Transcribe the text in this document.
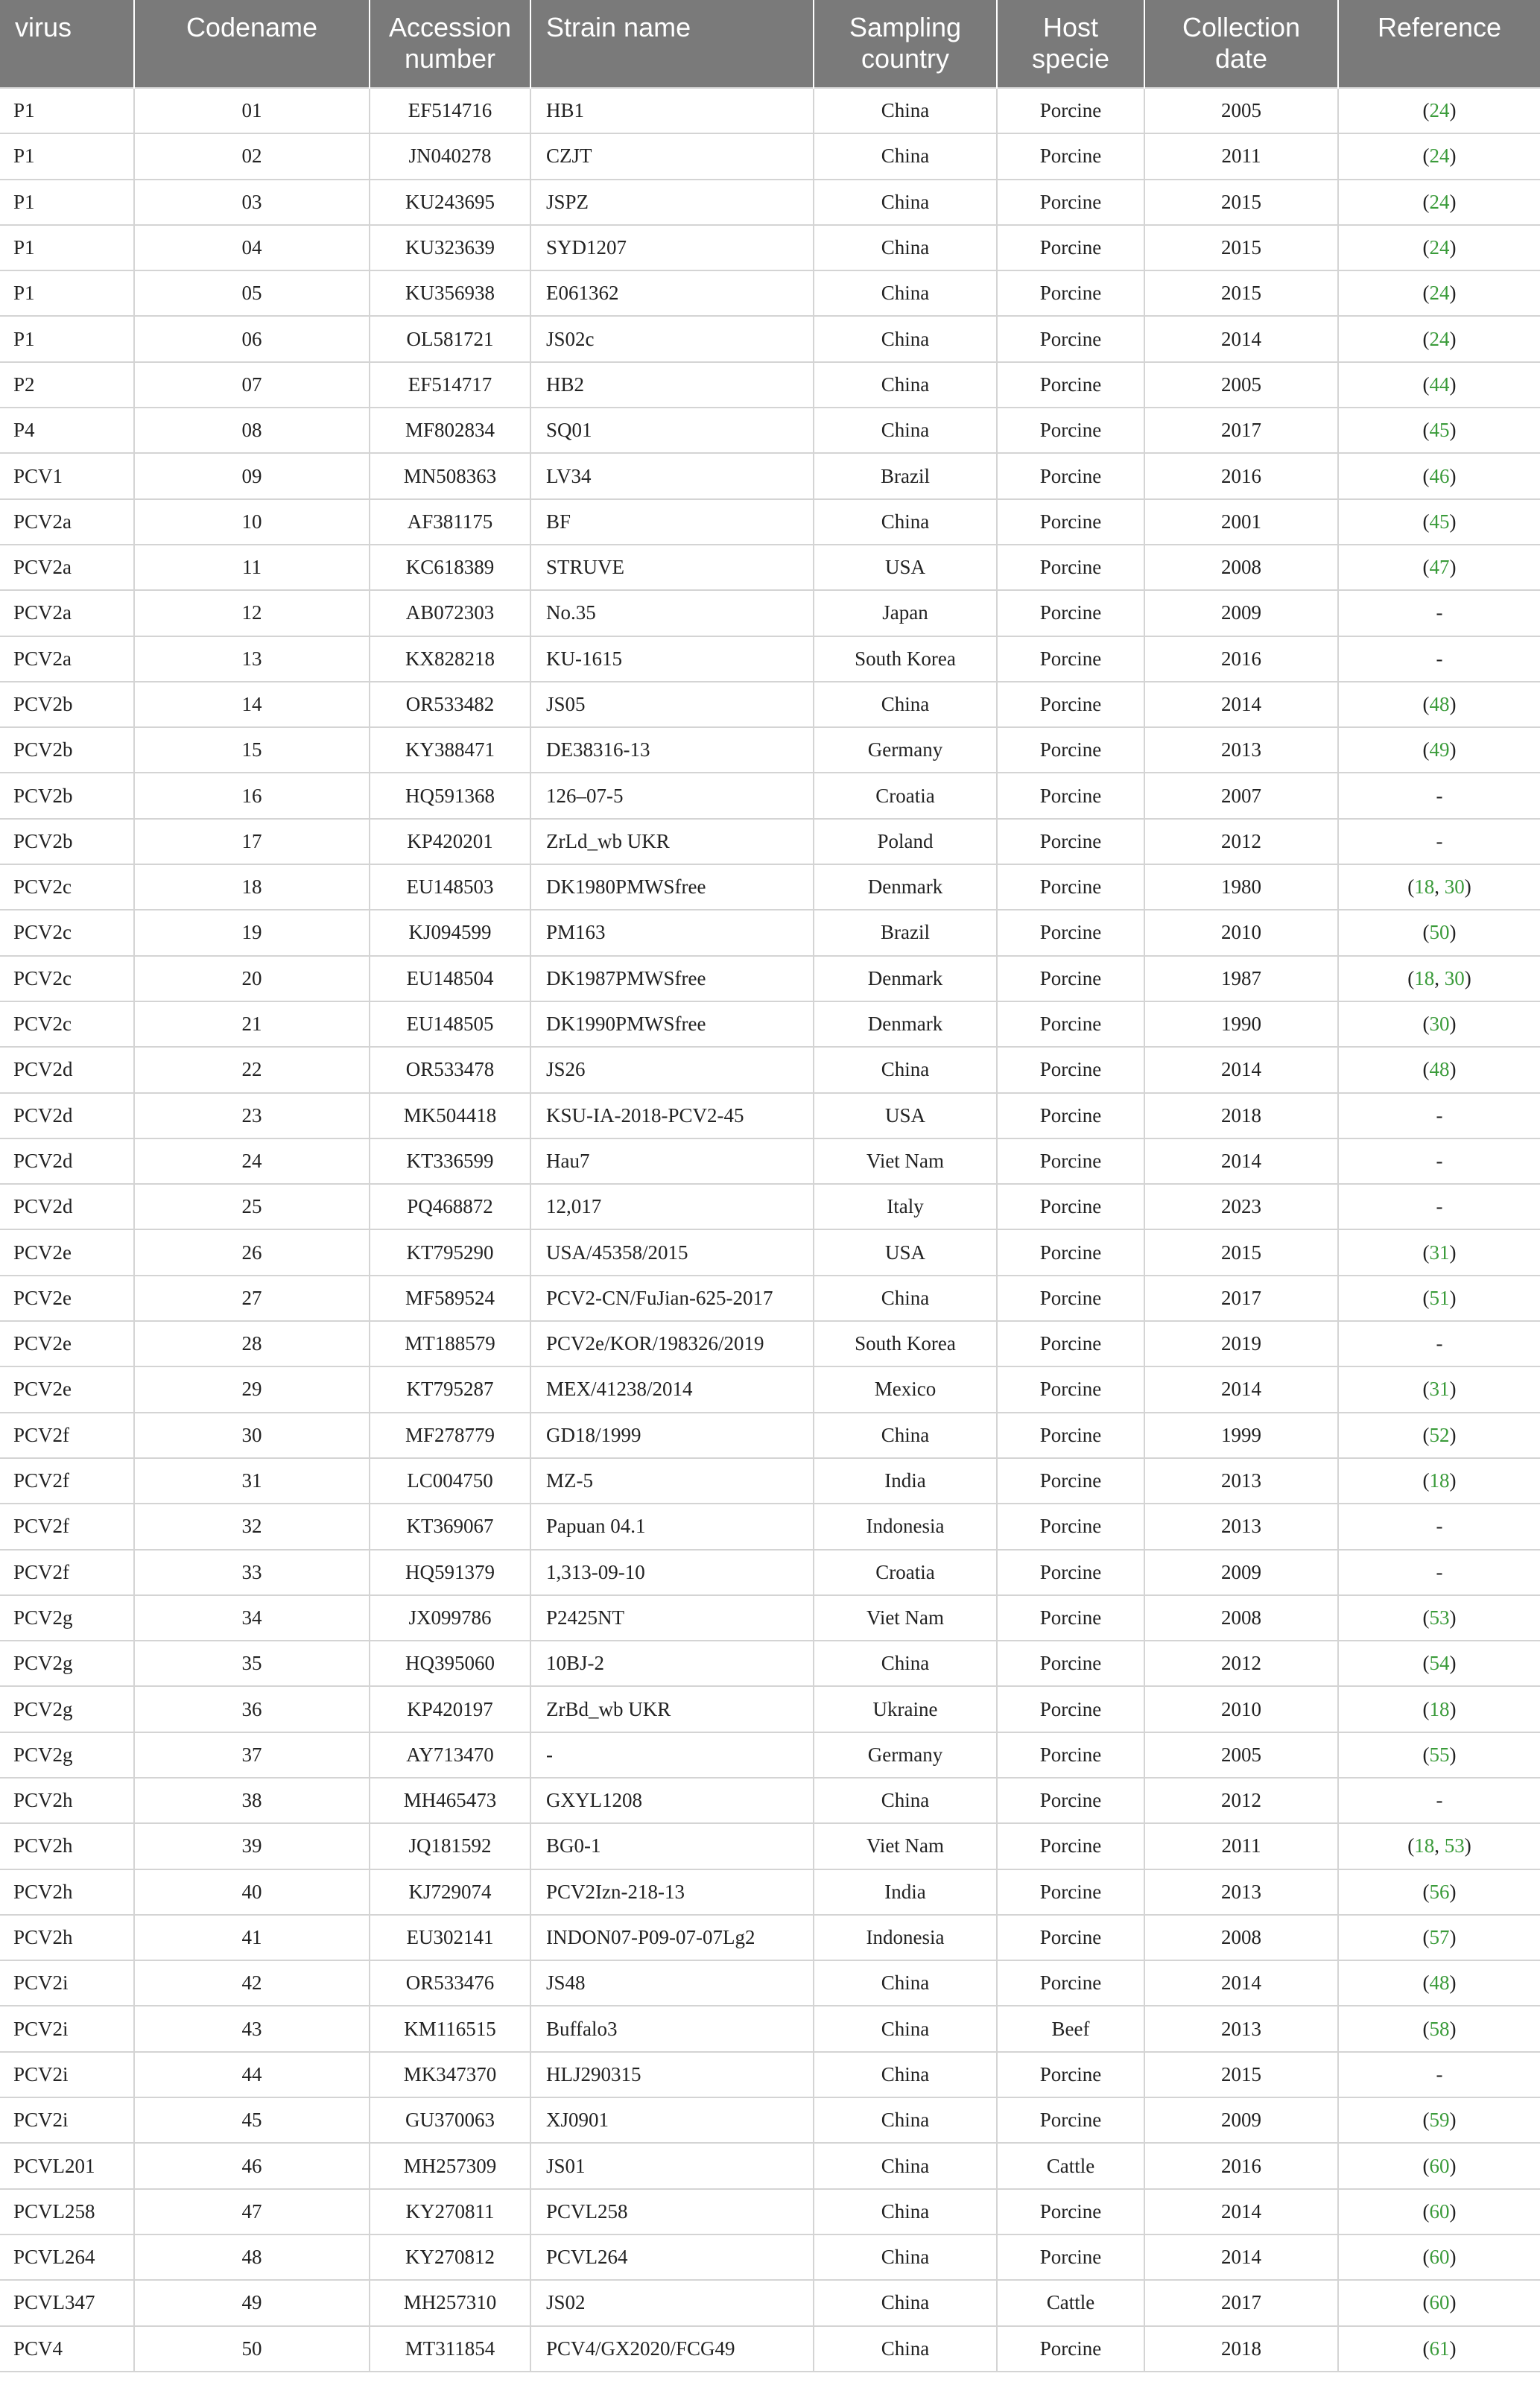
virus	Codename	Accession number	Strain name	Sampling country	Host specie	Collection date	Reference
P1	01	EF514716	HB1	China	Porcine	2005	(24)
P1	02	JN040278	CZJT	China	Porcine	2011	(24)
P1	03	KU243695	JSPZ	China	Porcine	2015	(24)
P1	04	KU323639	SYD1207	China	Porcine	2015	(24)
P1	05	KU356938	E061362	China	Porcine	2015	(24)
P1	06	OL581721	JS02c	China	Porcine	2014	(24)
P2	07	EF514717	HB2	China	Porcine	2005	(44)
P4	08	MF802834	SQ01	China	Porcine	2017	(45)
PCV1	09	MN508363	LV34	Brazil	Porcine	2016	(46)
PCV2a	10	AF381175	BF	China	Porcine	2001	(45)
PCV2a	11	KC618389	STRUVE	USA	Porcine	2008	(47)
PCV2a	12	AB072303	No.35	Japan	Porcine	2009	-
PCV2a	13	KX828218	KU-1615	South Korea	Porcine	2016	-
PCV2b	14	OR533482	JS05	China	Porcine	2014	(48)
PCV2b	15	KY388471	DE38316-13	Germany	Porcine	2013	(49)
PCV2b	16	HQ591368	126–07-5	Croatia	Porcine	2007	-
PCV2b	17	KP420201	ZrLd_wb UKR	Poland	Porcine	2012	-
PCV2c	18	EU148503	DK1980PMWSfree	Denmark	Porcine	1980	(18, 30)
PCV2c	19	KJ094599	PM163	Brazil	Porcine	2010	(50)
PCV2c	20	EU148504	DK1987PMWSfree	Denmark	Porcine	1987	(18, 30)
PCV2c	21	EU148505	DK1990PMWSfree	Denmark	Porcine	1990	(30)
PCV2d	22	OR533478	JS26	China	Porcine	2014	(48)
PCV2d	23	MK504418	KSU-IA-2018-PCV2-45	USA	Porcine	2018	-
PCV2d	24	KT336599	Hau7	Viet Nam	Porcine	2014	-
PCV2d	25	PQ468872	12,017	Italy	Porcine	2023	-
PCV2e	26	KT795290	USA/45358/2015	USA	Porcine	2015	(31)
PCV2e	27	MF589524	PCV2-CN/FuJian-625-2017	China	Porcine	2017	(51)
PCV2e	28	MT188579	PCV2e/KOR/198326/2019	South Korea	Porcine	2019	-
PCV2e	29	KT795287	MEX/41238/2014	Mexico	Porcine	2014	(31)
PCV2f	30	MF278779	GD18/1999	China	Porcine	1999	(52)
PCV2f	31	LC004750	MZ-5	India	Porcine	2013	(18)
PCV2f	32	KT369067	Papuan 04.1	Indonesia	Porcine	2013	-
PCV2f	33	HQ591379	1,313-09-10	Croatia	Porcine	2009	-
PCV2g	34	JX099786	P2425NT	Viet Nam	Porcine	2008	(53)
PCV2g	35	HQ395060	10BJ-2	China	Porcine	2012	(54)
PCV2g	36	KP420197	ZrBd_wb UKR	Ukraine	Porcine	2010	(18)
PCV2g	37	AY713470	-	Germany	Porcine	2005	(55)
PCV2h	38	MH465473	GXYL1208	China	Porcine	2012	-
PCV2h	39	JQ181592	BG0-1	Viet Nam	Porcine	2011	(18, 53)
PCV2h	40	KJ729074	PCV2Izn-218-13	India	Porcine	2013	(56)
PCV2h	41	EU302141	INDON07-P09-07-07Lg2	Indonesia	Porcine	2008	(57)
PCV2i	42	OR533476	JS48	China	Porcine	2014	(48)
PCV2i	43	KM116515	Buffalo3	China	Beef	2013	(58)
PCV2i	44	MK347370	HLJ290315	China	Porcine	2015	-
PCV2i	45	GU370063	XJ0901	China	Porcine	2009	(59)
PCVL201	46	MH257309	JS01	China	Cattle	2016	(60)
PCVL258	47	KY270811	PCVL258	China	Porcine	2014	(60)
PCVL264	48	KY270812	PCVL264	China	Porcine	2014	(60)
PCVL347	49	MH257310	JS02	China	Cattle	2017	(60)
PCV4	50	MT311854	PCV4/GX2020/FCG49	China	Porcine	2018	(61)
